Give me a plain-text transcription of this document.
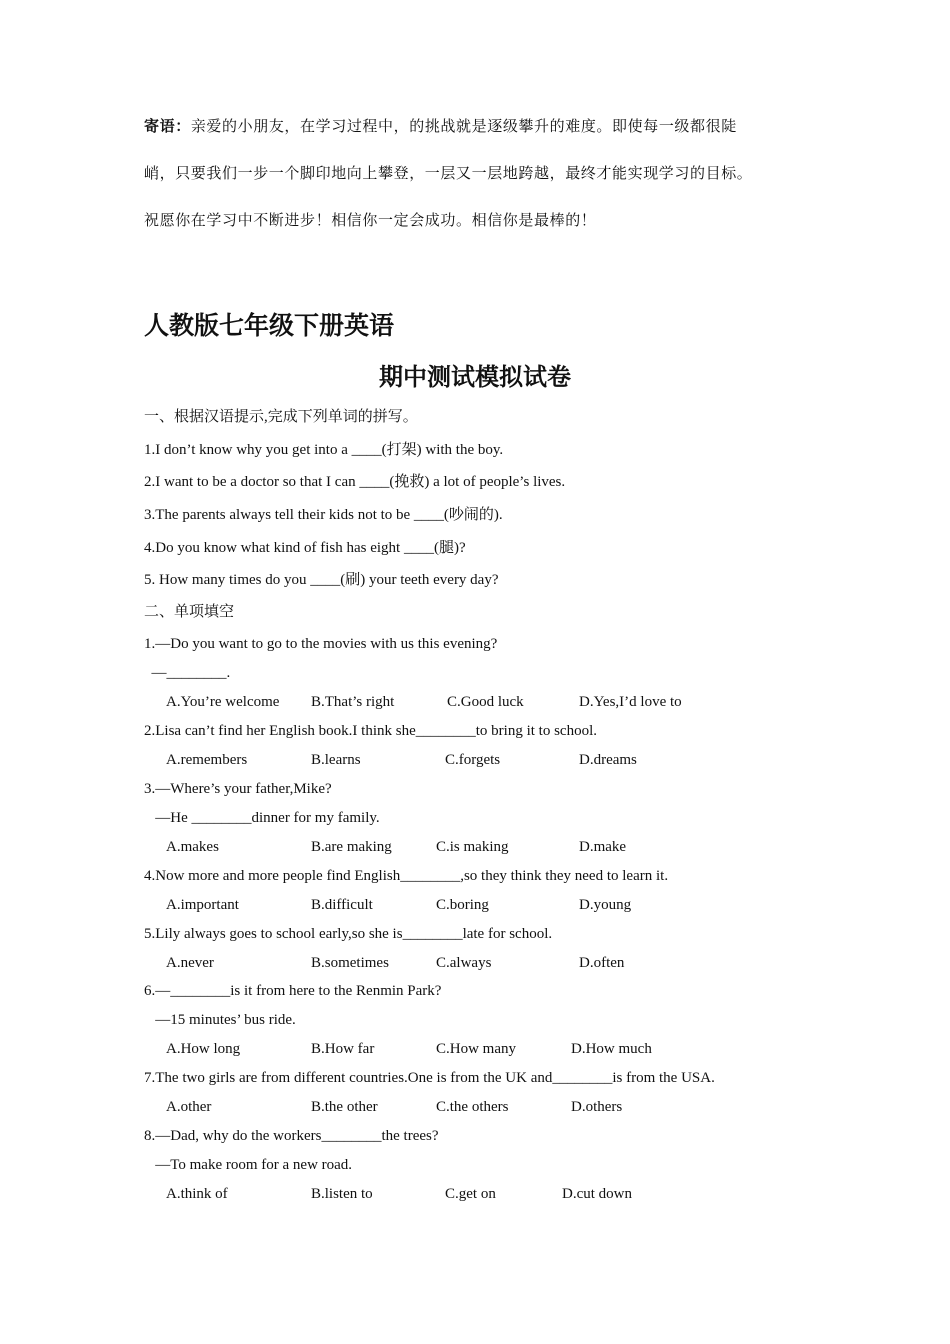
寄语：亲爱的小朋友，在学习过程中，的挑战就是逐级攀升的难度。即使每一级都很陡
峭，只要我们一步一个脚印地向上攀登，一层又一层地跨越，最终才能实现学习的目标。
祝愿你在学习中不断进步！相信你一定会成功。相信你是最棒的！
人教版七年级下册英语
期中测试模拟试卷
一、根据汉语提示,完成下列单词的拼写。
1.I don’t know why you get into a ____(打架) with the boy.
2.I want to be a doctor so that I can ____(挽救) a lot of people’s lives.
3.The parents always tell their kids not to be ____(吵闹的).
4.Do you know what kind of fish has eight ____(腿)?
5. How many times do you ____(刷) your teeth every day?
二、单项填空
1.—Do you want to go to the movies with us this evening?
—________.
A.You’re welcome B.That’s right	C.Good luck	D.Yes,I’d love to
2.Lisa can’t find her English book.I think she________to bring it to school.
A.remembers	B.learns	C.forgets	D.dreams
3.—Where’s your father,Mike?
—He ________dinner for my family.
A.makes	B.are making	C.is making	D.make
4.Now more and more people find English________,so they think they need to learn it.
A.important	B.difficult	C.boring	D.young
5.Lily always goes to school early,so she is________late for school.
A.never	B.sometimes	C.always	D.often
6.—________is it from here to the Renmin Park?
—15 minutes’ bus ride.
A.How long	B.How far	C.How many	D.How much
7.The two girls are from different countries.One is from the UK and________is from the USA.
A.other	B.the other	C.the others	D.others
8.—Dad, why do the workers________the trees?
—To make room for a new road.
A.think of	B.listen to	C.get on	D.cut down
